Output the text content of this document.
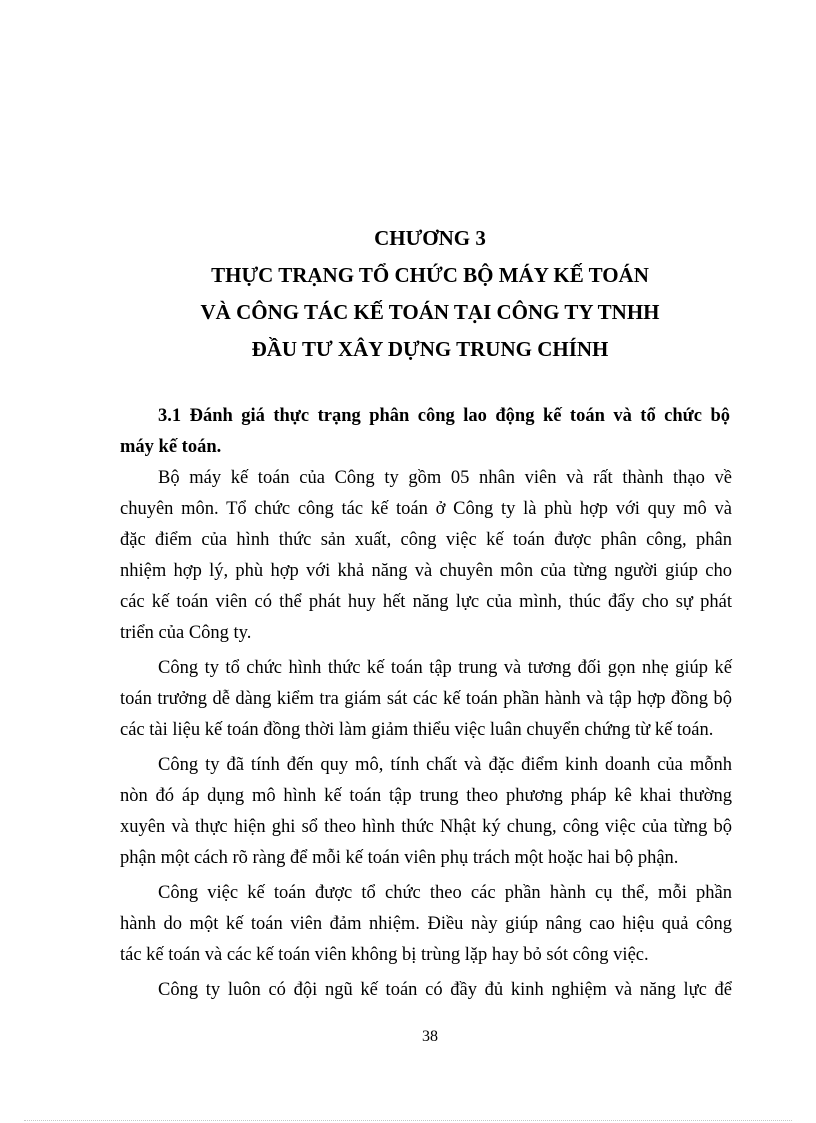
CHƯƠNG 3
THỰC TRẠNG TỔ CHỨC BỘ MÁY KẾ TOÁN
VÀ CÔNG TÁC KẾ TOÁN TẠI CÔNG TY TNHH
ĐẦU TƯ XÂY DỰNG TRUNG CHÍNH
3.1 Đánh giá thực trạng phân công lao động kế toán và tổ chức bộ
máy kế toán.
Bộ máy kế toán của Công ty gồm 05 nhân viên và rất thành thạo về
chuyên môn. Tổ chức công tác kế toán ở Công ty là phù hợp với quy mô và
đặc điểm của hình thức sản xuất, công việc kế toán được phân công, phân
nhiệm hợp lý, phù hợp với khả năng và chuyên môn của từng người giúp cho
các kế toán viên có thể phát huy hết năng lực của mình, thúc đẩy cho sự phát
triển của Công ty.
Công ty tổ chức hình thức kế toán tập trung và tương đối gọn nhẹ giúp kế
toán trưởng dễ dàng kiểm tra giám sát các kế toán phần hành và tập hợp đồng bộ
các tài liệu kế toán đồng thời làm giảm thiểu việc luân chuyển chứng từ kế toán.
Công ty đã tính đến quy mô, tính chất và đặc điểm kinh doanh của mỗnh
nòn đó áp dụng mô hình kế toán tập trung theo phương pháp kê khai thường
xuyên và thực hiện ghi sổ theo hình thức Nhật ký chung, công việc của từng bộ
phận một cách rõ ràng để mỗi kế toán viên phụ trách một hoặc hai bộ phận.
Công việc kế toán được tổ chức theo các phần hành cụ thể, mỗi phần
hành do một kế toán viên đảm nhiệm. Điều này giúp nâng cao hiệu quả công
tác kế toán và các kế toán viên không bị trùng lặp hay bỏ sót công việc.
Công ty luôn có đội ngũ kế toán có đầy đủ kinh nghiệm và năng lực để
38
